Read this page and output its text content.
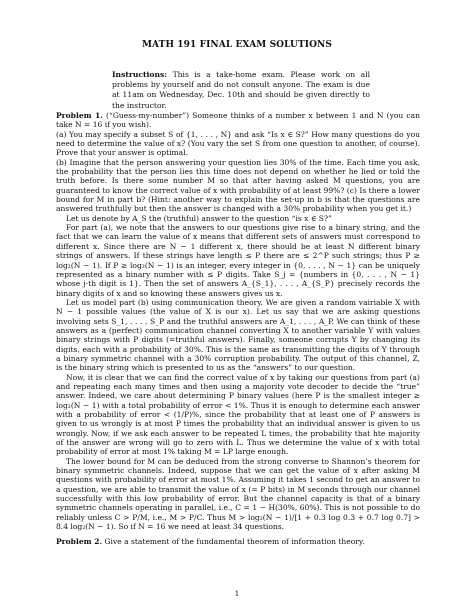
MATH 191 FINAL EXAM SOLUTIONS
Instructions: This is a take-home exam. Please work on all problems by yourself and do not consult anyone. The exam is due at 11am on Wednesday, Dec. 10th and should be given directly to the instructor.

Problem 1. (“Guess-my-number”) Someone thinks of a number x between 1 and N (you can take N = 16 if you wish).

(a) You may specify a subset S of {1, . . . , N} and ask “Is x ∈ S?” How many questions do you need to determine the value of x? (You vary the set S from one question to another, of course). Prove that your answer is optimal.

(b) Imagine that the person answering your question lies 30% of the time. Each time you ask, the probability that the person lies this time does not depend on whether he lied or told the truth before. Is there some number M so that after having asked M questions, you are guaranteed to know the correct value of x with probability of at least 99%? (c) Is there a lower bound for M in part b? (Hint: another way to explain the set-up in b is that the questions are answered truthfully but then the answer is changed with a 30% probability when you get it.)

Let us denote by A_S the (truthful) answer to the question “is x ∈ S?”

For part (a), we note that the answers to our questions give rise to a binary string, and the fact that we can learn the value of x means that different sets of answers must correspond to different x. Since there are N − 1 different x, there should be at least N different binary strings of answers. If these strings have length ≤ P there are ≤ 2^P such strings; thus P ≥ log₂(N − 1). If P ≥ log₂(N − 1) is an integer, every integer in {0, . . . , N − 1} can be uniquely represented as a binary number with ≤ P digits. Take S_j = {numbers in {0, . . . , N − 1} whose j-th digit is 1}. Then the set of answers A_{S_1}, . . . , A_{S_P} precisely records the binary digits of x and so knowing these answers gives us x.

Let us model part (b) using communication theory. We are given a random vairiable X with N − 1 possible values (the value of X is our x). Let us say that we are asking questions involving sets S_1, . . . , S_P and the truthful answers are A_1, . . . , A_P. We can think of these answers as a (perfect) communication channel converting X to another variable Y with values binary strings with P digits (=truthful answers). Finally, someone corrupts Y by changing its digits, each with a probability of 30%. This is the same as transmitting the digits of Y through a binary symmetric channel with a 30% corruption probability. The output of this channel, Z, is the binary string which is presented to us as the “answers” to our question.

Now, it is clear that we can find the correct value of x by taking our questions from part (a) and repeating each many times and then using a majority vote decoder to decide the “true” answer. Indeed, we care about determining P binary values (here P is the smallest integer ≥ log₂(N − 1) with a total probability of error < 1%. Thus it is enough to determine each answer with a probability of error < (1/P)%, since the probability that at least one of P answers is given to us wrongly is at most P times the probability that an individual answer is given to us wrongly. Now, if we ask each answer to be repeated L times, the probability that hte majority of the answer are wrong will go to zero with L. Thus we determine the value of x with total probability of error at most 1% taking M = LP large enough.

The lower bound for M can be deduced from the strong converse to Shannon’s theorem for binary symmetric channels. Indeed, suppose that we can get the value of x after asking M questions with probability of error at most 1%. Assuming it takes 1 second to get an answer to a question, we are able to transmit the value of x (= P bits) in M seconds through our channel successfully with this low probability of error. But the channel capacity is that of a binary symmetric channels operating in parallel, i.e., C = 1 − H(30%, 60%). This is not possible to do reliably unless C > P/M, i.e., M > P/C. Thus M > log₂(N − 1)/[1 + 0.3 log 0.3 + 0.7 log 0.7] > 8.4 log₂(N − 1). So if N = 16 we need at least 34 questions.

Problem 2. Give a statement of the fundamental theorem of information theory.

1
